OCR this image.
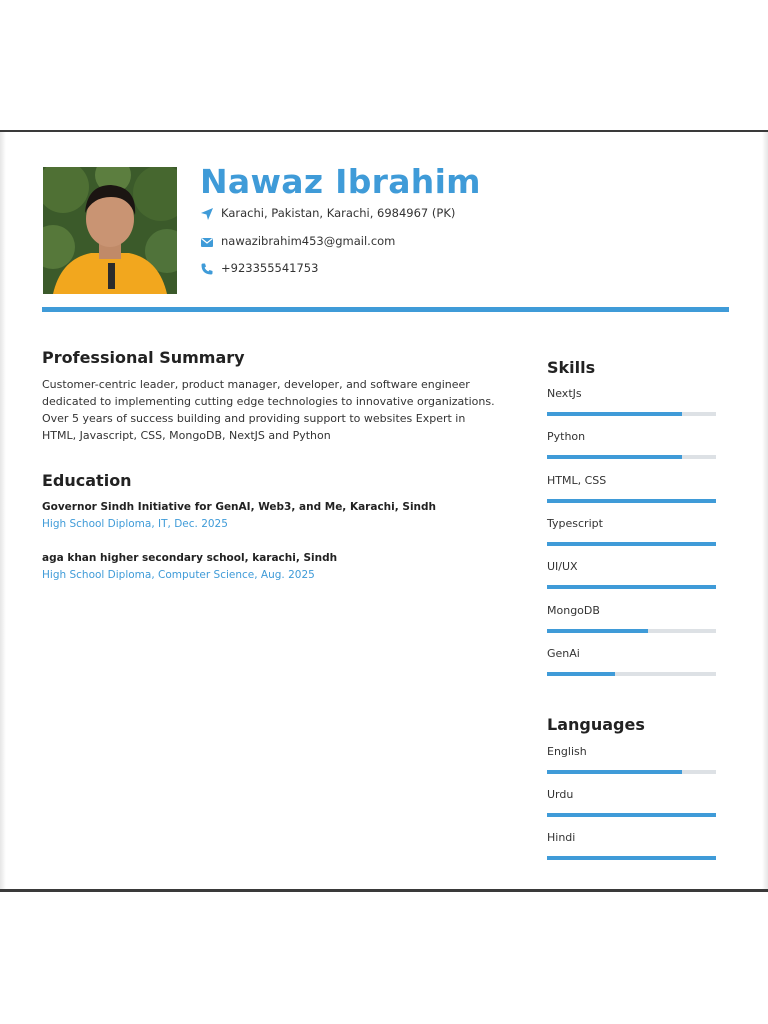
Nawaz Ibrahim
Karachi, Pakistan, Karachi, 6984967 (PK)
nawazibrahim453@gmail.com
+923355541753
Professional Summary
Customer-centric leader, product manager, developer, and software engineer dedicated to implementing cutting edge technologies to innovative organizations. Over 5 years of success building and providing support to websites Expert in HTML, Javascript, CSS, MongoDB, NextJS and Python
Education
Governor Sindh Initiative for GenAI, Web3, and Me, Karachi, Sindh
High School Diploma, IT, Dec. 2025
aga khan higher secondary school, karachi, Sindh
High School Diploma, Computer Science, Aug. 2025
Skills
NextJs
Python
HTML, CSS
Typescript
UI/UX
MongoDB
GenAi
Languages
English
Urdu
Hindi
